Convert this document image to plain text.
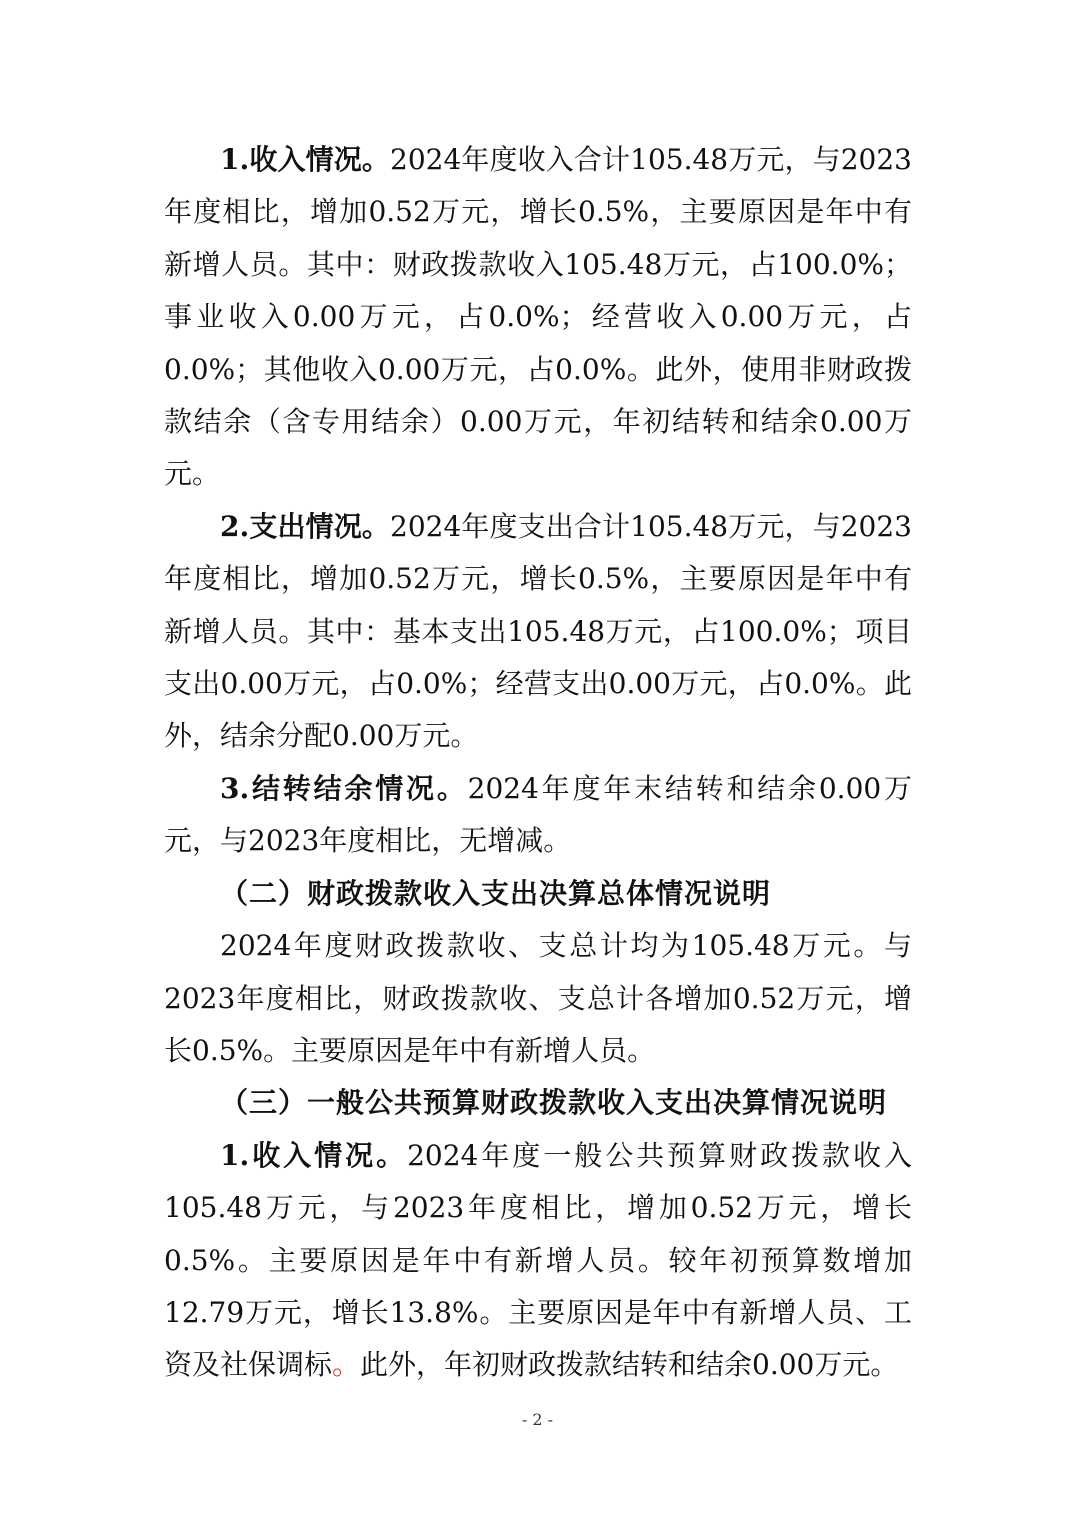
1.收入情况。2024年度收入合计105.48万元，与2023年度相比，增加0.52万元，增长0.5%，主要原因是年中有新增人员。其中：财政拨款收入105.48万元，占100.0%；事业收入0.00万元，占0.0%；经营收入0.00万元，占0.0%；其他收入0.00万元，占0.0%。此外，使用非财政拨款结余（含专用结余）0.00万元，年初结转和结余0.00万元。

2.支出情况。2024年度支出合计105.48万元，与2023年度相比，增加0.52万元，增长0.5%，主要原因是年中有新增人员。其中：基本支出105.48万元，占100.0%；项目支出0.00万元，占0.0%；经营支出0.00万元，占0.0%。此外，结余分配0.00万元。

3.结转结余情况。2024年度年末结转和结余0.00万元，与2023年度相比，无增减。

（二）财政拨款收入支出决算总体情况说明

2024年度财政拨款收、支总计均为105.48万元。与2023年度相比，财政拨款收、支总计各增加0.52万元，增长0.5%。主要原因是年中有新增人员。

（三）一般公共预算财政拨款收入支出决算情况说明

1.收入情况。2024年度一般公共预算财政拨款收入105.48万元，与2023年度相比，增加0.52万元，增长0.5%。主要原因是年中有新增人员。较年初预算数增加12.79万元，增长13.8%。主要原因是年中有新增人员、工资及社保调标。此外，年初财政拨款结转和结余0.00万元。

- 2 -
